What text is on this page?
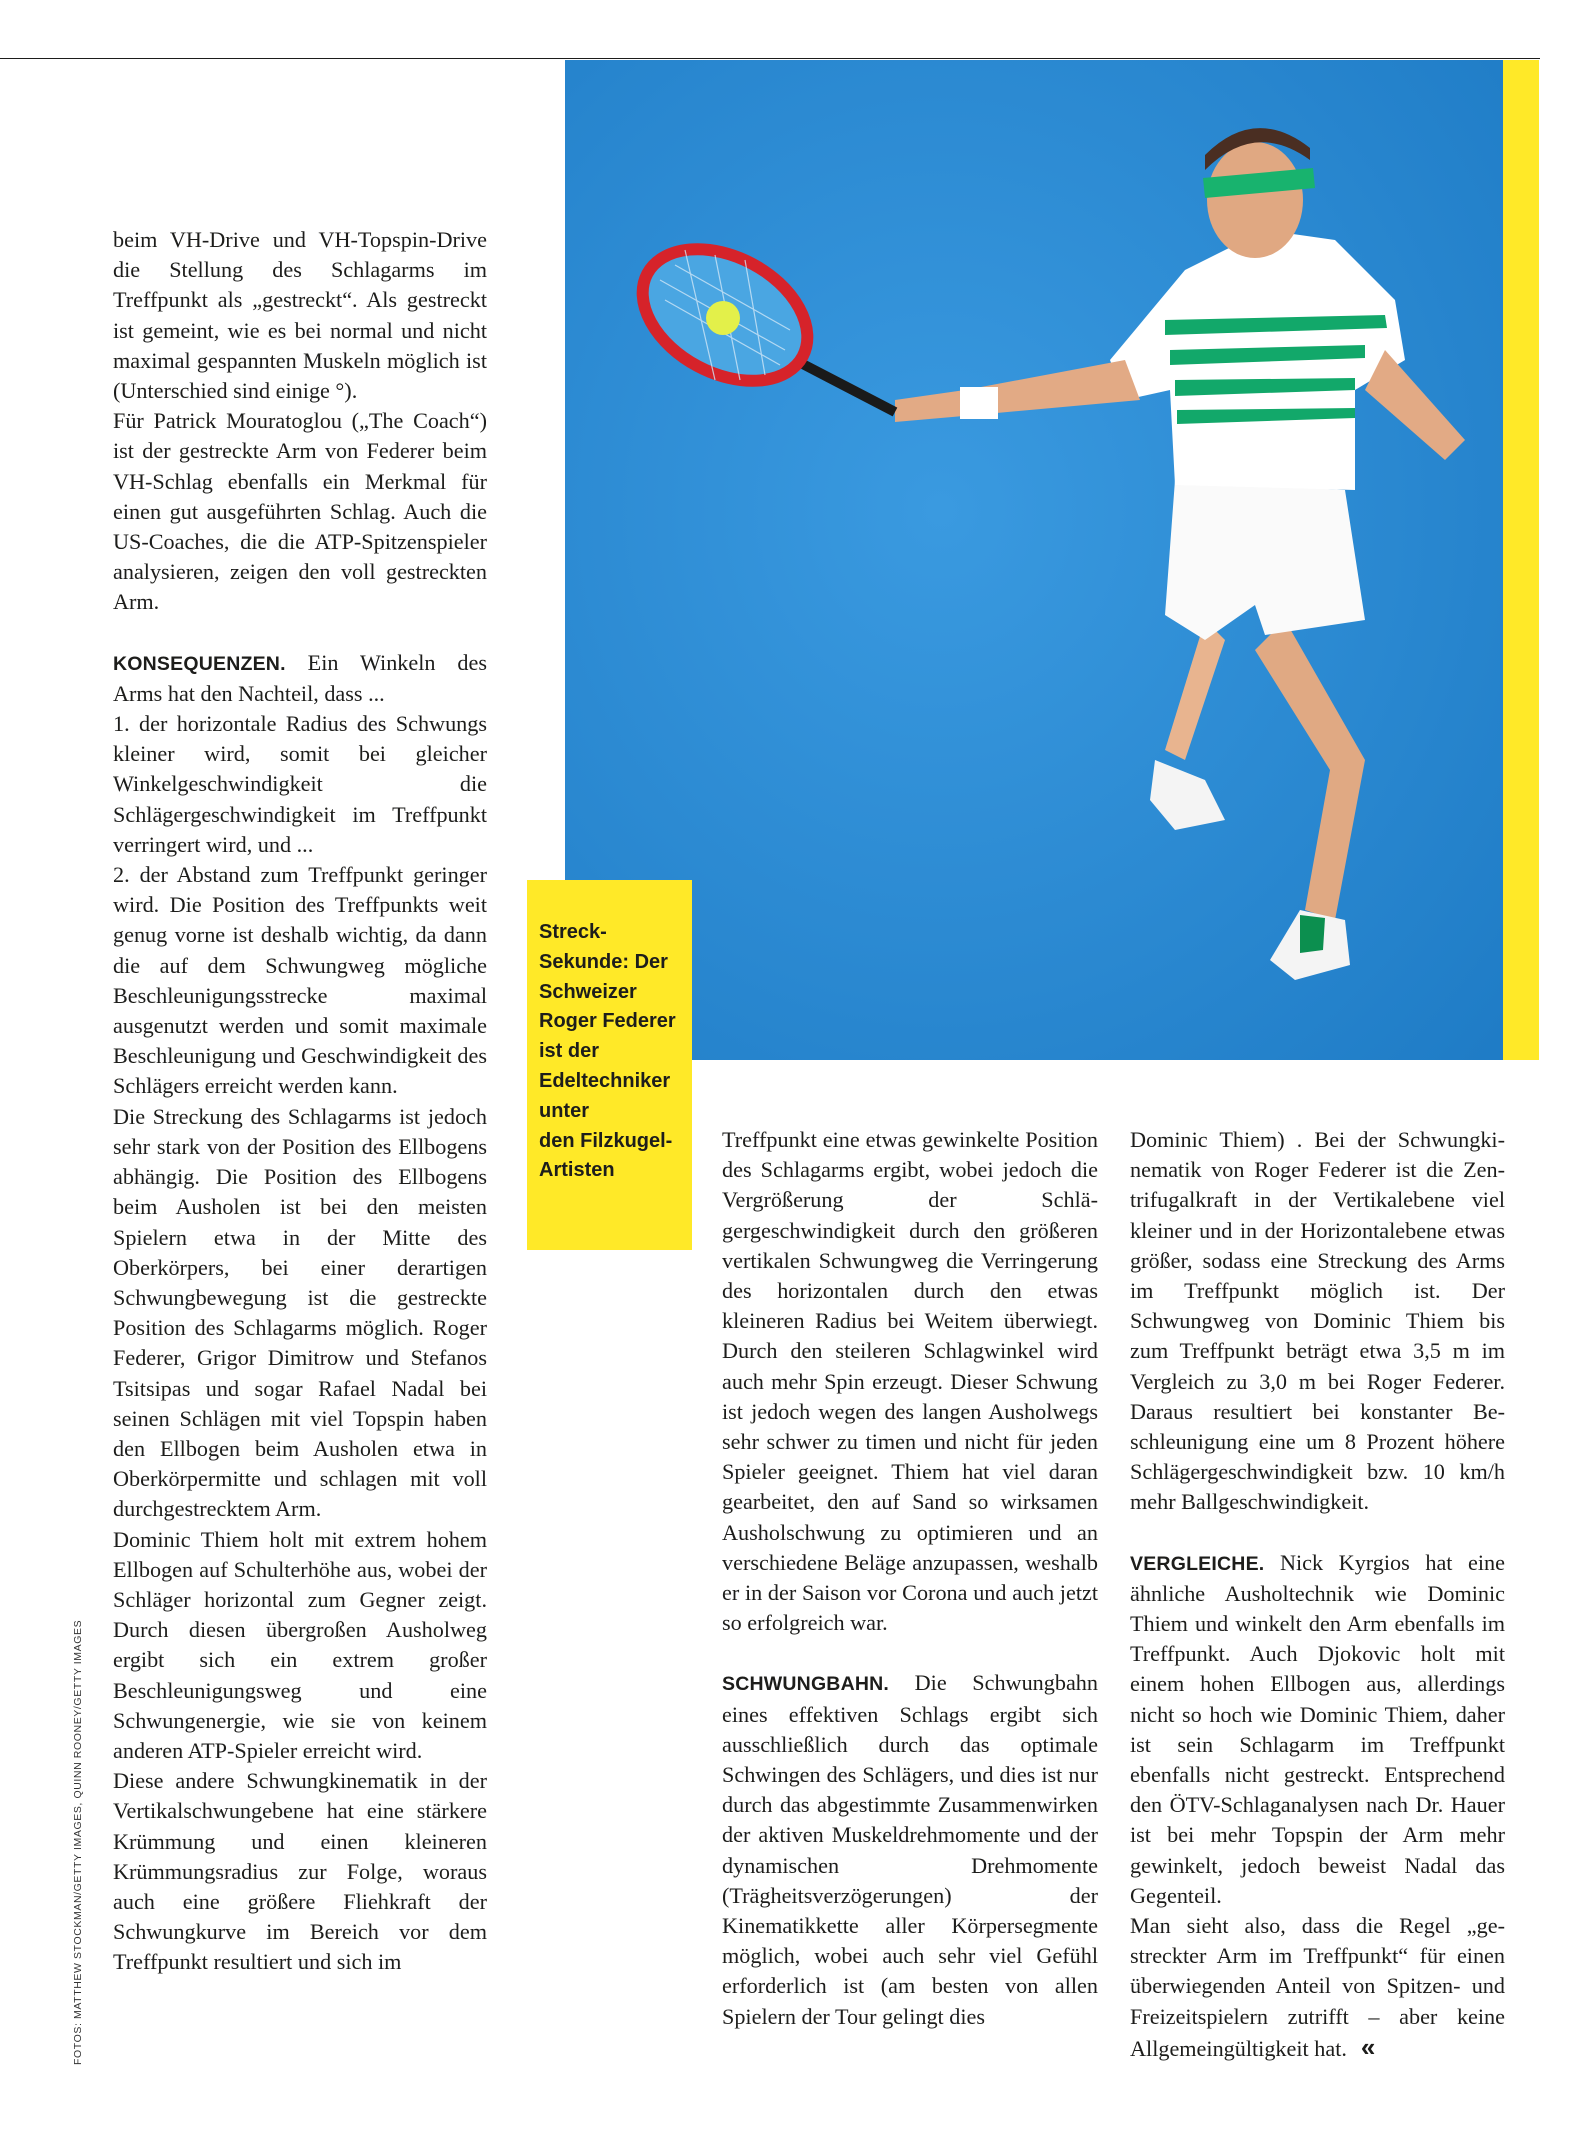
Streck-
Sekunde: Der
Schweizer
Roger Federer
ist der
Edeltechniker
unter
den Filzkugel-
Artisten

beim VH-Drive und VH-Topspin-Drive die Stellung des Schlagarms im Treffpunkt als „gestreckt“. Als gestreckt ist gemeint, wie es bei normal und nicht maximal gespannten Muskeln möglich ist (Unterschied sind einige °).

Für Patrick Mouratoglou („The Coach“) ist der gestreckte Arm von Federer beim VH-Schlag ebenfalls ein Merkmal für einen gut ausgeführten Schlag. Auch die US-Coaches, die die ATP-Spitzenspieler analysieren, zeigen den voll gestreckten Arm.

KONSEQUENZEN. Ein Winkeln des Arms hat den Nachteil, dass ...

1. der horizontale Radius des Schwungs kleiner wird, somit bei gleicher Winkelgeschwindigkeit die Schlägergeschwindigkeit im Treffpunkt verringert wird, und ...

2. der Abstand zum Treffpunkt geringer wird. Die Position des Treffpunkts weit genug vorne ist deshalb wichtig, da dann die auf dem Schwungweg mögliche Beschleunigungsstrecke maximal ausgenutzt werden und somit maximale Beschleunigung und Geschwindigkeit des Schlägers erreicht werden kann.

Die Streckung des Schlagarms ist jedoch sehr stark von der Position des Ellbogens abhängig. Die Position des Ellbogens beim Ausholen ist bei den meisten Spielern etwa in der Mitte des Oberkörpers, bei einer derartigen Schwungbewegung ist die gestreckte Position des Schlagarms möglich. Roger Federer, Grigor Dimitrow und Stefanos Tsitsipas und sogar Rafael Nadal bei seinen Schlägen mit viel Topspin haben den Ellbogen beim Ausholen etwa in Oberkörpermitte und schlagen mit voll durchgestrecktem Arm.

Dominic Thiem holt mit extrem hohem Ellbogen auf Schulterhöhe aus, wobei der Schläger horizontal zum Gegner zeigt. Durch diesen übergroßen Ausholweg ergibt sich ein extrem großer Beschleunigungsweg und eine Schwungenergie, wie sie von keinem anderen ATP-Spieler erreicht wird.

Diese andere Schwungkinematik in der Vertikalschwungebene hat eine stärkere Krümmung und einen kleineren Krümmungsradius zur Folge, woraus auch eine größere Fliehkraft der Schwungkurve im Bereich vor dem Treffpunkt resultiert und sich im

Treffpunkt eine etwas gewinkelte Position des Schlagarms ergibt, wobei jedoch die Vergrößerung der Schlägergeschwindigkeit durch den größeren vertikalen Schwungweg die Verringerung des horizontalen durch den etwas kleineren Radius bei Weitem überwiegt. Durch den steileren Schlagwinkel wird auch mehr Spin erzeugt. Dieser Schwung ist jedoch wegen des langen Ausholwegs sehr schwer zu timen und nicht für jeden Spieler geeignet. Thiem hat viel daran gearbeitet, den auf Sand so wirksamen Ausholschwung zu optimieren und an verschiedene Beläge anzupassen, weshalb er in der Saison vor Corona und auch jetzt so erfolgreich war.

SCHWUNGBAHN. Die Schwungbahn eines effektiven Schlags ergibt sich ausschließlich durch das optimale Schwingen des Schlägers, und dies ist nur durch das abgestimmte Zusammenwirken der aktiven Muskeldrehmomente und der dynamischen Drehmomente (Trägheitsverzögerungen) der Kinematikkette aller Körpersegmente möglich, wobei auch sehr viel Gefühl erforderlich ist (am besten von allen Spielern der Tour gelingt dies

Dominic Thiem) . Bei der Schwungkinematik von Roger Federer ist die Zentrifugalkraft in der Vertikalebene viel kleiner und in der Horizontalebene etwas größer, sodass eine Streckung des Arms im Treffpunkt möglich ist. Der Schwungweg von Dominic Thiem bis zum Treffpunkt beträgt etwa 3,5 m im Vergleich zu 3,0 m bei Roger Federer. Daraus resultiert bei konstanter Beschleunigung eine um 8 Prozent höhere Schlägergeschwindigkeit bzw. 10 km/h mehr Ballgeschwindigkeit.

VERGLEICHE. Nick Kyrgios hat eine ähnliche Ausholtechnik wie Dominic Thiem und winkelt den Arm ebenfalls im Treffpunkt. Auch Djokovic holt mit einem hohen Ellbogen aus, allerdings nicht so hoch wie Dominic Thiem, daher ist sein Schlagarm im Treffpunkt ebenfalls nicht gestreckt. Entsprechend den ÖTV-Schlaganalysen nach Dr. Hauer ist bei mehr Topspin der Arm mehr gewinkelt, jedoch beweist Nadal das Gegenteil.

Man sieht also, dass die Regel „gestreckter Arm im Treffpunkt“ für einen überwiegenden Anteil von Spitzen- und Freizeitspielern zutrifft – aber keine Allgemeingültigkeit hat. «

FOTOS: MATTHEW STOCKMAN/GETTY IMAGES, QUINN ROONEY/GETTY IMAGES
